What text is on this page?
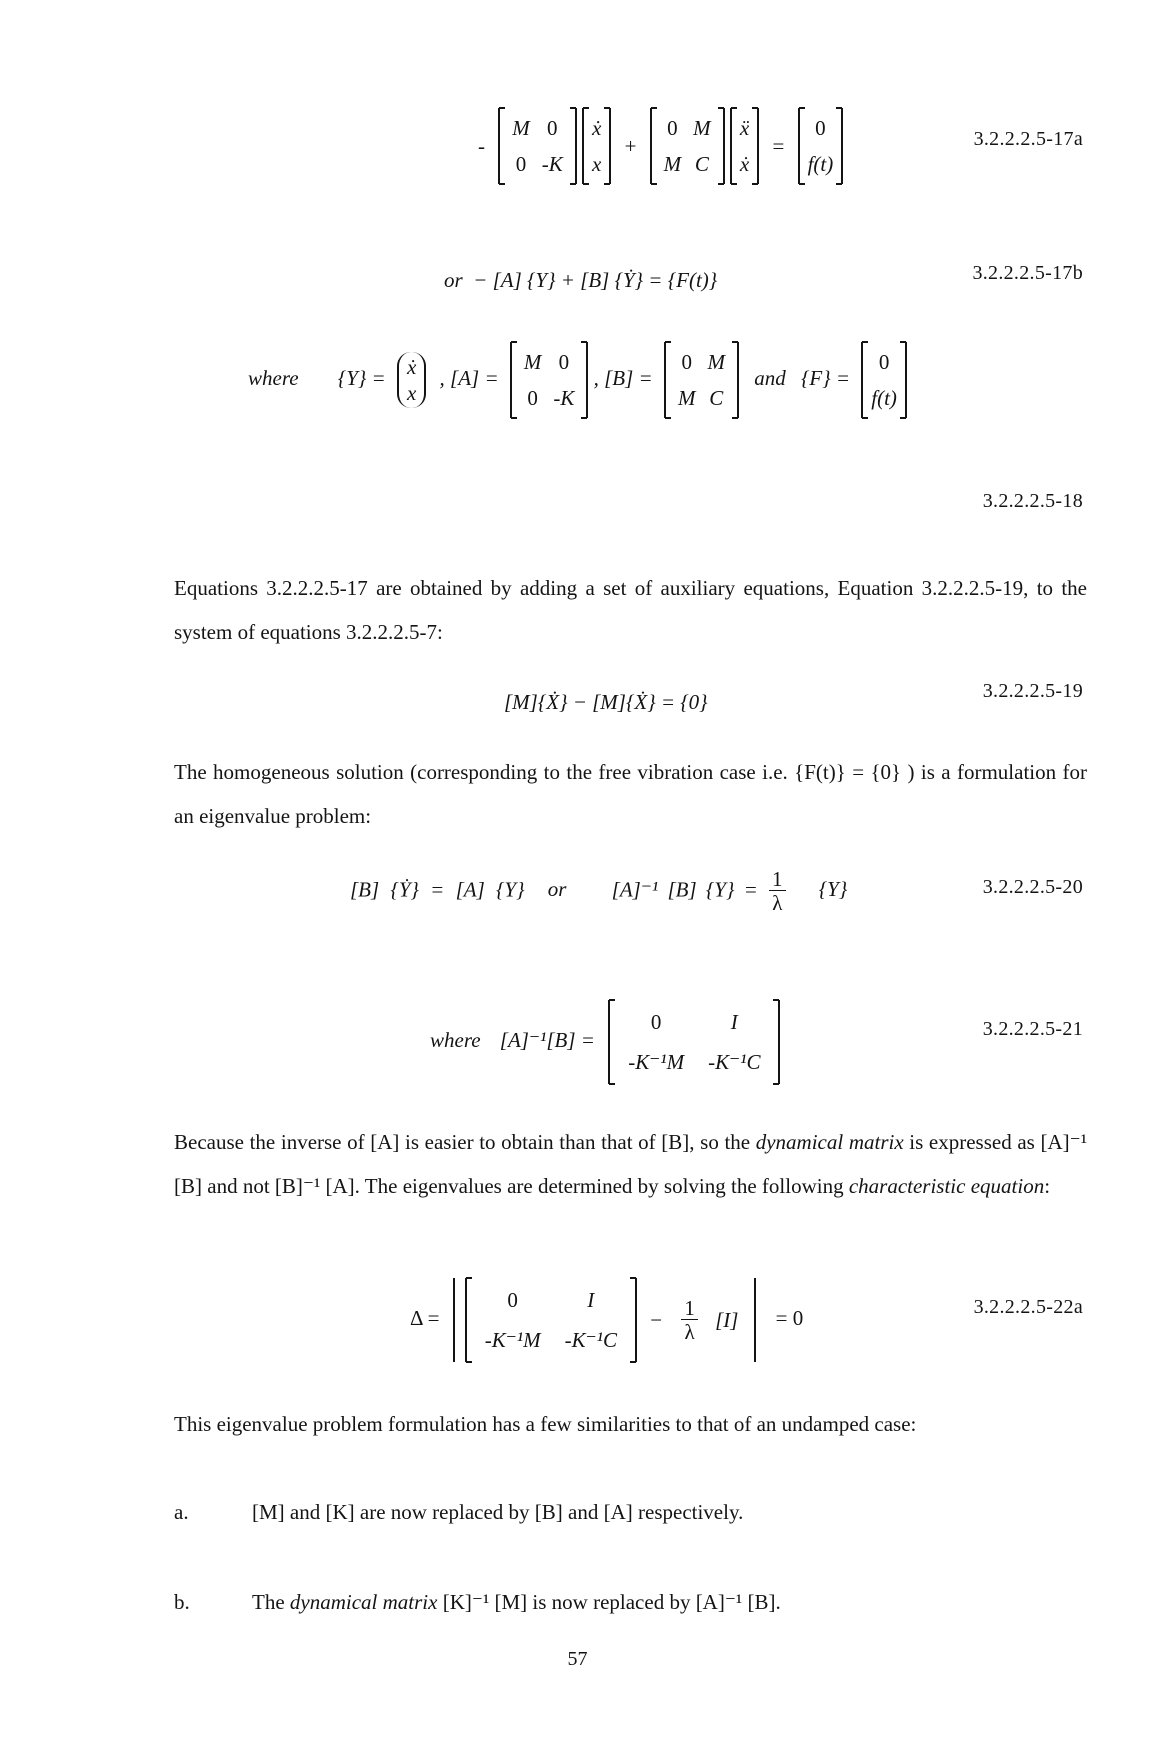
-
M	0
0	-K

ẋ
x
+
0	M
M	C

ẍ
ẋ
=
0
f(t)
3.2.2.2.5-17a
or  − [A] {Y} + [B] {Ẏ} = {F(t)}	3.2.2.2.5-17b
where {Y} = ẋ
x , [A] =
M	0
0	-K
, [B] =
0	M
M	C
and {F} =
0
f(t)
3.2.2.2.5-18
Equations 3.2.2.2.5-17 are obtained by adding a set of auxiliary equations, Equation 3.2.2.2.5-19, to the system of equations 3.2.2.2.5-7:
[M]{Ẋ} − [M]{Ẋ} = {0}	3.2.2.2.5-19
The homogeneous solution (corresponding to the free vibration case i.e. {F(t)} = {0} ) is a formulation for an eigenvalue problem:
[B] {Ẏ} = [A] {Y} or [A]⁻¹ [B] $\{Y\} = \frac{1}{\lambda} \{Y\}$	3.2.2.2.5-20
where [A]⁻¹[B] =
0	I
-K⁻¹M	-K⁻¹C
3.2.2.2.5-21
Because the inverse of [A] is easier to obtain than that of [B], so the dynamical matrix is expressed as [A]⁻¹ [B] and not [B]⁻¹ [A]. The eigenvalues are determined by solving the following characteristic equation:
Δ =
0	I
-K⁻¹M	-K⁻¹C
− $\frac{1}{\lambda} [I] = 0$	3.2.2.2.5-22a
This eigenvalue problem formulation has a few similarities to that of an undamped case:
a.	[M] and [K] are now replaced by [B] and [A] respectively.
b.	The dynamical matrix [K]⁻¹ [M] is now replaced by [A]⁻¹ [B].
57
